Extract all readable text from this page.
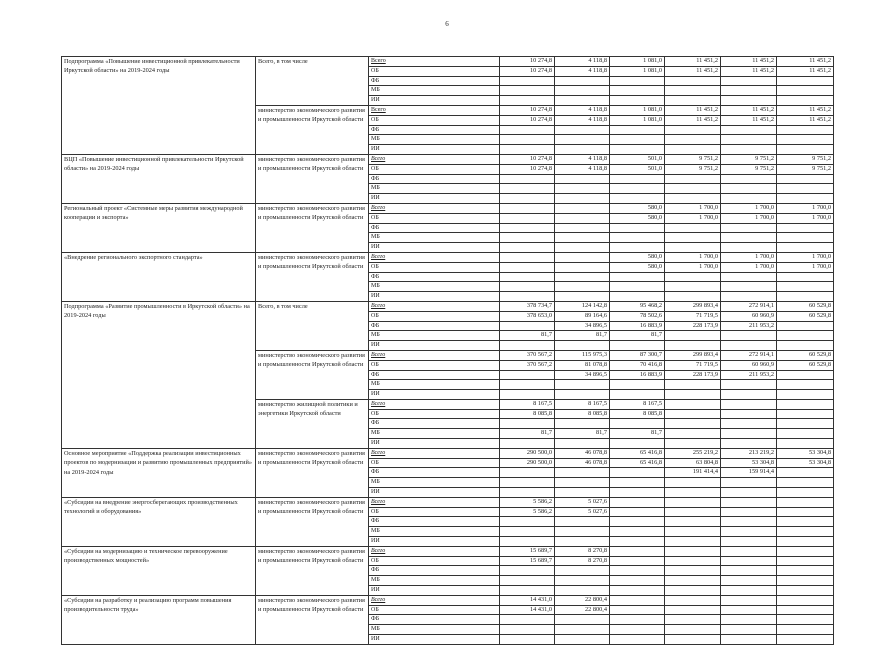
6
Подпрограмма «Повышение инвестиционной привлекательности Иркутской области» на 2019-2024 годы	Всего, в том числе	Всего	10 274,8	4 118,8	1 081,0	11 451,2	11 451,2	11 451,2
		ОБ	10 274,8	4 118,8	1 081,0	11 451,2	11 451,2	11 451,2
		ФБ						
		МБ						
		ИИ						
	министерство экономического развития и промышленности Иркутской области	Всего	10 274,8	4 118,8	1 081,0	11 451,2	11 451,2	11 451,2
		ОБ	10 274,8	4 118,8	1 081,0	11 451,2	11 451,2	11 451,2
		ФБ						
		МБ						
		ИИ						
ВЦП «Повышение инвестиционной привлекательности Иркутской области» на 2019-2024 годы	министерство экономического развития и промышленности Иркутской области	Всего	10 274,8	4 118,8	501,0	9 751,2	9 751,2	9 751,2
		ОБ	10 274,8	4 118,8	501,0	9 751,2	9 751,2	9 751,2
		ФБ						
		МБ						
		ИИ						
Региональный проект «Системные меры развития международной кооперации и экспорта»	министерство экономического развития и промышленности Иркутской области	Всего			580,0	1 700,0	1 700,0	1 700,0
		ОБ			580,0	1 700,0	1 700,0	1 700,0
		ФБ						
		МБ						
		ИИ						
«Внедрение регионального экспортного стандарта»	министерство экономического развития и промышленности Иркутской области	Всего			580,0	1 700,0	1 700,0	1 700,0
		ОБ			580,0	1 700,0	1 700,0	1 700,0
		ФБ						
		МБ						
		ИИ						
Подпрограмма «Развитие промышленности в Иркутской области» на 2019-2024 годы	Всего, в том числе	Всего	378 734,7	124 142,8	95 468,2	299 893,4	272 914,1	60 529,8
		ОБ	378 653,0	89 164,6	78 502,6	71 719,5	60 960,9	60 529,8
		ФБ		34 896,5	16 883,9	228 173,9	211 953,2	
		МБ	81,7	81,7	81,7			
		ИИ						
	министерство экономического развития и промышленности Иркутской области	Всего	370 567,2	115 975,3	87 300,7	299 893,4	272 914,1	60 529,8
		ОБ	370 567,2	81 078,8	70 416,8	71 719,5	60 960,9	60 529,8
		ФБ		34 896,5	16 883,9	228 173,9	211 953,2	
		МБ						
		ИИ						
	министерство жилищной политики и энергетики Иркутской области	Всего	8 167,5	8 167,5	8 167,5			
		ОБ	8 085,8	8 085,8	8 085,8			
		ФБ						
		МБ	81,7	81,7	81,7			
		ИИ						
Основное мероприятие «Поддержка реализации инвестиционных проектов по модернизации и развитию промышленных предприятий» на 2019-2024 годы	министерство экономического развития и промышленности Иркутской области	Всего	290 500,0	46 078,8	65 416,8	255 219,2	213 219,2	53 304,8
		ОБ	290 500,0	46 078,8	65 416,8	63 804,8	53 304,8	53 304,8
		ФБ				191 414,4	159 914,4	
		МБ						
		ИИ						
«Субсидии на внедрение энергосберегающих производственных технологий и оборудования»	министерство экономического развития и промышленности Иркутской области	Всего	5 586,2	5 027,6				
		ОБ	5 586,2	5 027,6				
		ФБ						
		МБ						
		ИИ						
«Субсидии на модернизацию и техническое перевооружение производственных мощностей»	министерство экономического развития и промышленности Иркутской области	Всего	15 689,7	8 270,8				
		ОБ	15 689,7	8 270,8				
		ФБ						
		МБ						
		ИИ						
«Субсидии на разработку и реализацию программ повышения производительности труда»	министерство экономического развития и промышленности Иркутской области	Всего	14 431,0	22 800,4				
		ОБ	14 431,0	22 800,4				
		ФБ						
		МБ						
		ИИ						
